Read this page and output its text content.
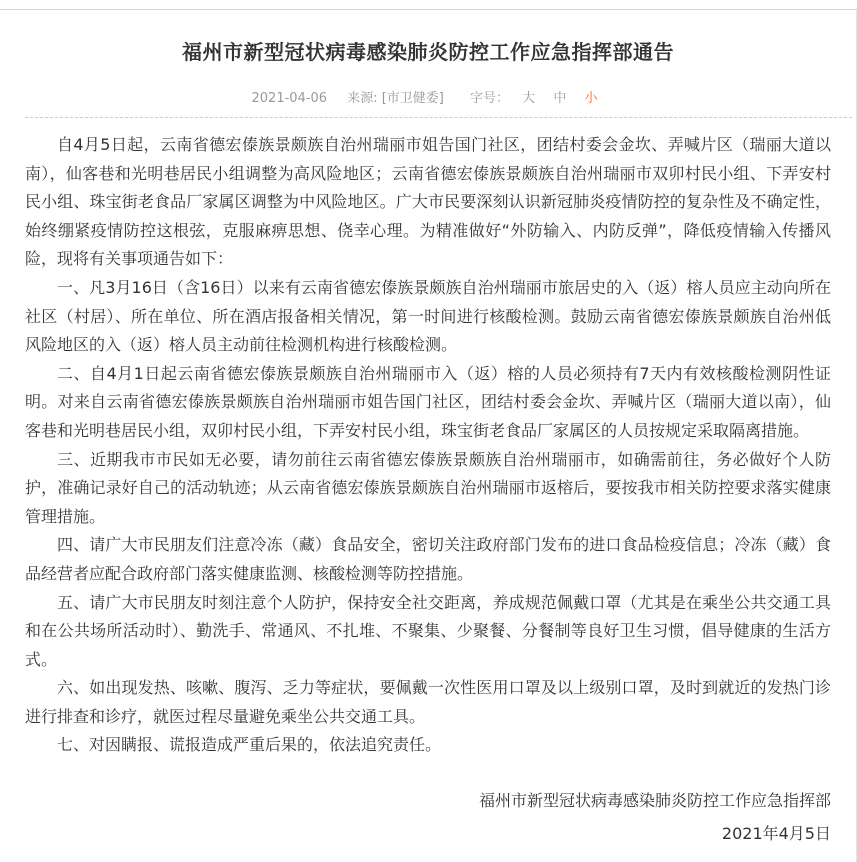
福州市新型冠状病毒感染肺炎防控工作应急指挥部通告
2021-04-06 来源: [市卫健委] 字号： 大 中 小

自4月5日起，云南省德宏傣族景颇族自治州瑞丽市姐告国门社区，团结村委会金坎、弄喊片区（瑞丽大道以南），仙客巷和光明巷居民小组调整为高风险地区；云南省德宏傣族景颇族自治州瑞丽市双卯村民小组、下弄安村民小组、珠宝街老食品厂家属区调整为中风险地区。广大市民要深刻认识新冠肺炎疫情防控的复杂性及不确定性，始终绷紧疫情防控这根弦，克服麻痹思想、侥幸心理。为精准做好“外防输入、内防反弹”，降低疫情输入传播风险，现将有关事项通告如下：

一、凡3月16日（含16日）以来有云南省德宏傣族景颇族自治州瑞丽市旅居史的入（返）榕人员应主动向所在社区（村居）、所在单位、所在酒店报备相关情况，第一时间进行核酸检测。鼓励云南省德宏傣族景颇族自治州低风险地区的入（返）榕人员主动前往检测机构进行核酸检测。

二、自4月1日起云南省德宏傣族景颇族自治州瑞丽市入（返）榕的人员必须持有7天内有效核酸检测阴性证明。对来自云南省德宏傣族景颇族自治州瑞丽市姐告国门社区，团结村委会金坎、弄喊片区（瑞丽大道以南），仙客巷和光明巷居民小组，双卯村民小组，下弄安村民小组，珠宝街老食品厂家属区的人员按规定采取隔离措施。

三、近期我市市民如无必要，请勿前往云南省德宏傣族景颇族自治州瑞丽市，如确需前往，务必做好个人防护，准确记录好自己的活动轨迹；从云南省德宏傣族景颇族自治州瑞丽市返榕后，要按我市相关防控要求落实健康管理措施。

四、请广大市民朋友们注意冷冻（藏）食品安全，密切关注政府部门发布的进口食品检疫信息；冷冻（藏）食品经营者应配合政府部门落实健康监测、核酸检测等防控措施。

五、请广大市民朋友时刻注意个人防护，保持安全社交距离，养成规范佩戴口罩（尤其是在乘坐公共交通工具和在公共场所活动时）、勤洗手、常通风、不扎堆、不聚集、少聚餐、分餐制等良好卫生习惯，倡导健康的生活方式。

六、如出现发热、咳嗽、腹泻、乏力等症状，要佩戴一次性医用口罩及以上级别口罩，及时到就近的发热门诊进行排查和诊疗，就医过程尽量避免乘坐公共交通工具。

七、对因瞒报、谎报造成严重后果的，依法追究责任。

福州市新型冠状病毒感染肺炎防控工作应急指挥部

2021年4月5日
